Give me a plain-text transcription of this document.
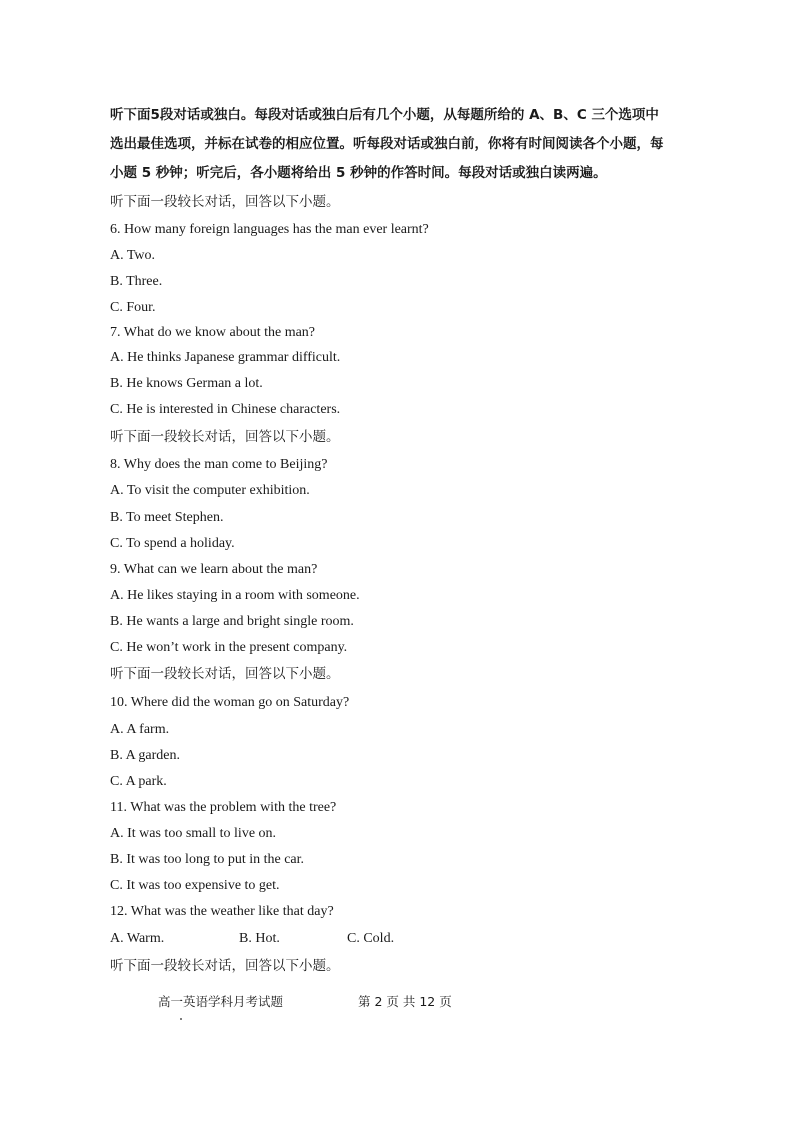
听下面5段对话或独白。每段对话或独白后有几个小题，从每题所给的 A、B、C 三个选项中
选出最佳选项，并标在试卷的相应位置。听每段对话或独白前，你将有时间阅读各个小题，每
小题 5 秒钟；听完后，各小题将给出 5 秒钟的作答时间。每段对话或独白读两遍。
听下面一段较长对话，回答以下小题。
6. How many foreign languages has the man ever learnt?
A. Two.
B. Three.
C. Four.
7. What do we know about the man?
A. He thinks Japanese grammar difficult.
B. He knows German a lot.
C. He is interested in Chinese characters.
听下面一段较长对话，回答以下小题。
8. Why does the man come to Beijing?
A. To visit the computer exhibition.
B. To meet Stephen.
C. To spend a holiday.
9. What can we learn about the man?
A. He likes staying in a room with someone.
B. He wants a large and bright single room.
C. He won’t work in the present company.
听下面一段较长对话，回答以下小题。
10. Where did the woman go on Saturday?
A. A farm.
B. A garden.
C. A park.
11. What was the problem with the tree?
A. It was too small to live on.
B. It was too long to put in the car.
C. It was too expensive to get.
12. What was the weather like that day?
A. Warm.	B. Hot.	C. Cold.
听下面一段较长对话，回答以下小题。
高一英语学科月考试题	第 2 页 共 12 页
